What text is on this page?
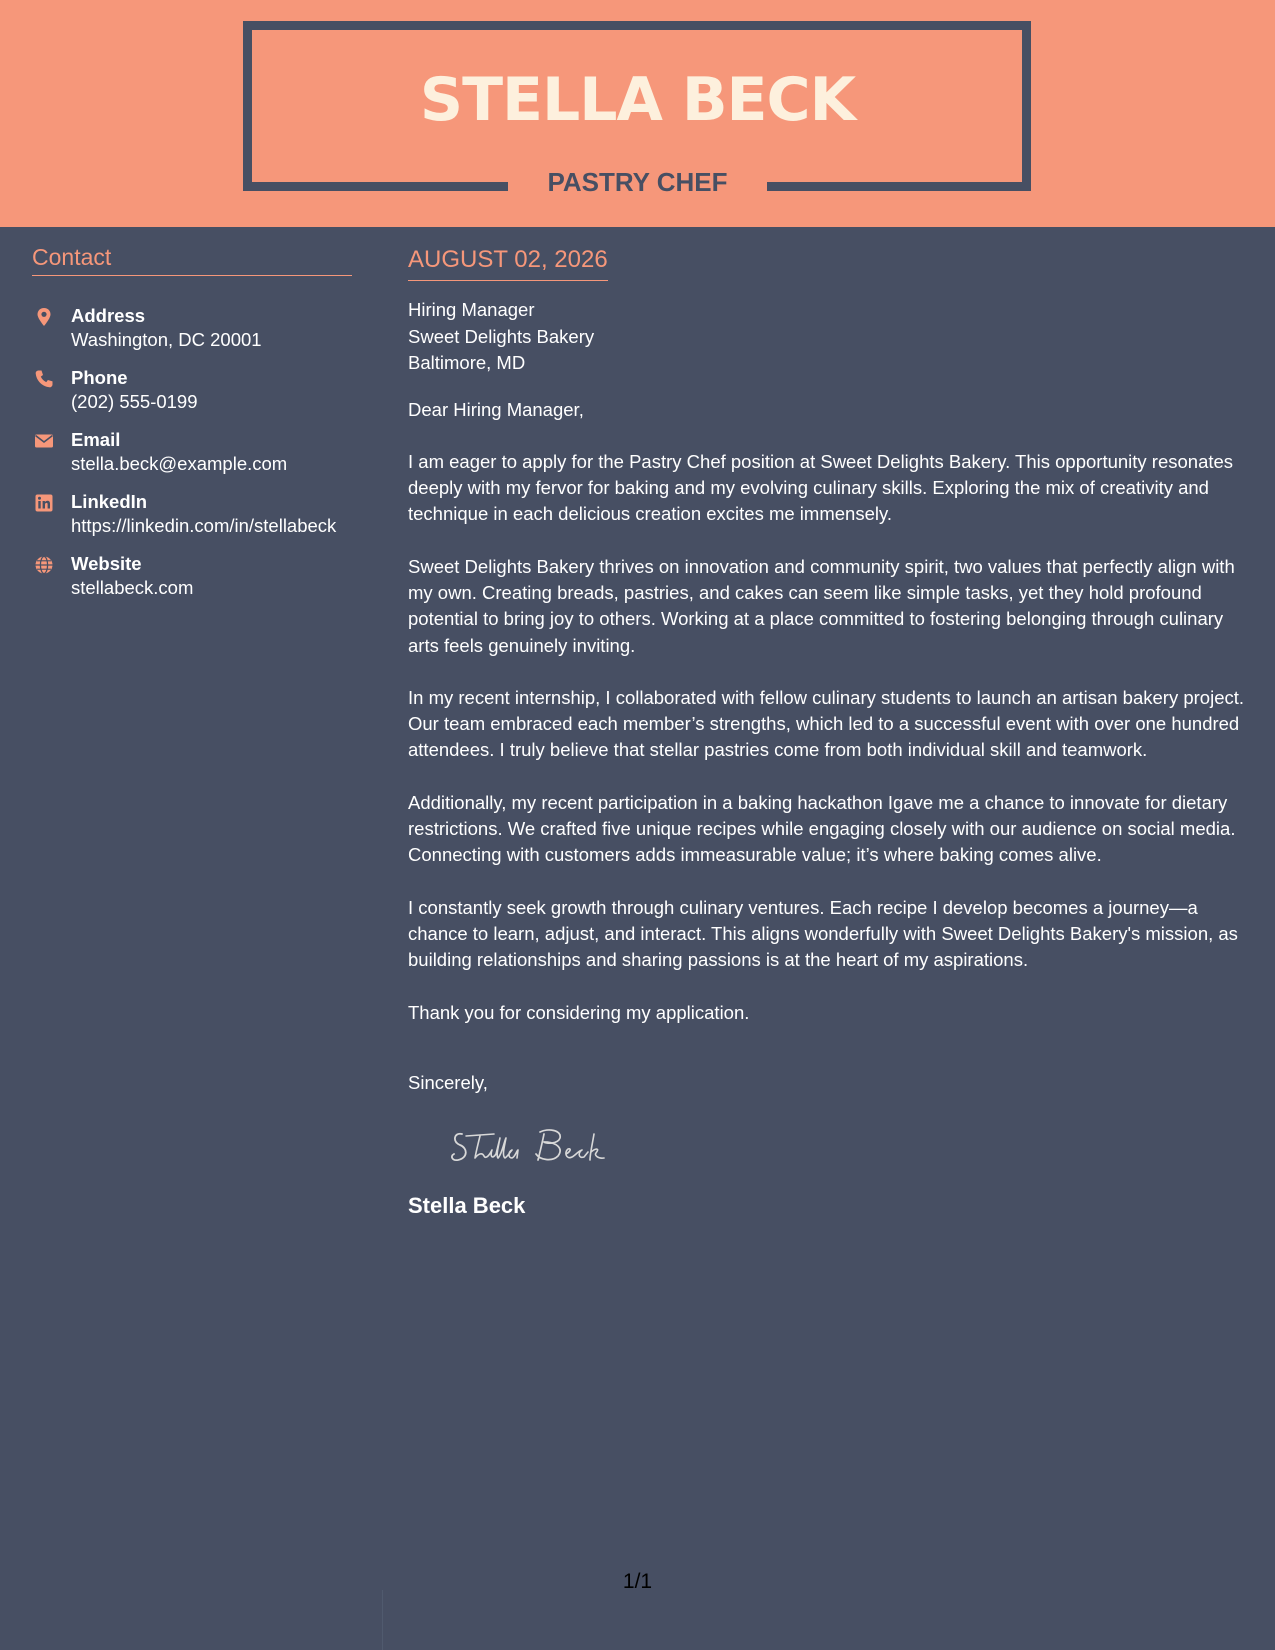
STELLA BECK
PASTRY CHEF
Contact
Address
Washington, DC 20001
Phone
(202) 555-0199
Email
stella.beck@example.com
LinkedIn
https://linkedin.com/in/stellabeck
Website
stellabeck.com
AUGUST 02, 2026
Hiring Manager
Sweet Delights Bakery
Baltimore, MD

Dear Hiring Manager,

I am eager to apply for the Pastry Chef position at Sweet Delights Bakery. This opportunity resonates deeply with my fervor for baking and my evolving culinary skills. Exploring the mix of creativity and technique in each delicious creation excites me immensely.

Sweet Delights Bakery thrives on innovation and community spirit, two values that perfectly align with my own. Creating breads, pastries, and cakes can seem like simple tasks, yet they hold profound potential to bring joy to others. Working at a place committed to fostering belonging through culinary arts feels genuinely inviting.

In my recent internship, I collaborated with fellow culinary students to launch an artisan bakery project. Our team embraced each member’s strengths, which led to a successful event with over one hundred attendees. I truly believe that stellar pastries come from both individual skill and teamwork.

Additionally, my recent participation in a baking hackathon Igave me a chance to innovate for dietary restrictions. We crafted five unique recipes while engaging closely with our audience on social media. Connecting with customers adds immeasurable value; it’s where baking comes alive.

I constantly seek growth through culinary ventures. Each recipe I develop becomes a journey—a chance to learn, adjust, and interact. This aligns wonderfully with Sweet Delights Bakery's mission, as building relationships and sharing passions is at the heart of my aspirations.

Thank you for considering my application.

Sincerely,

Stella Beck
1/1
